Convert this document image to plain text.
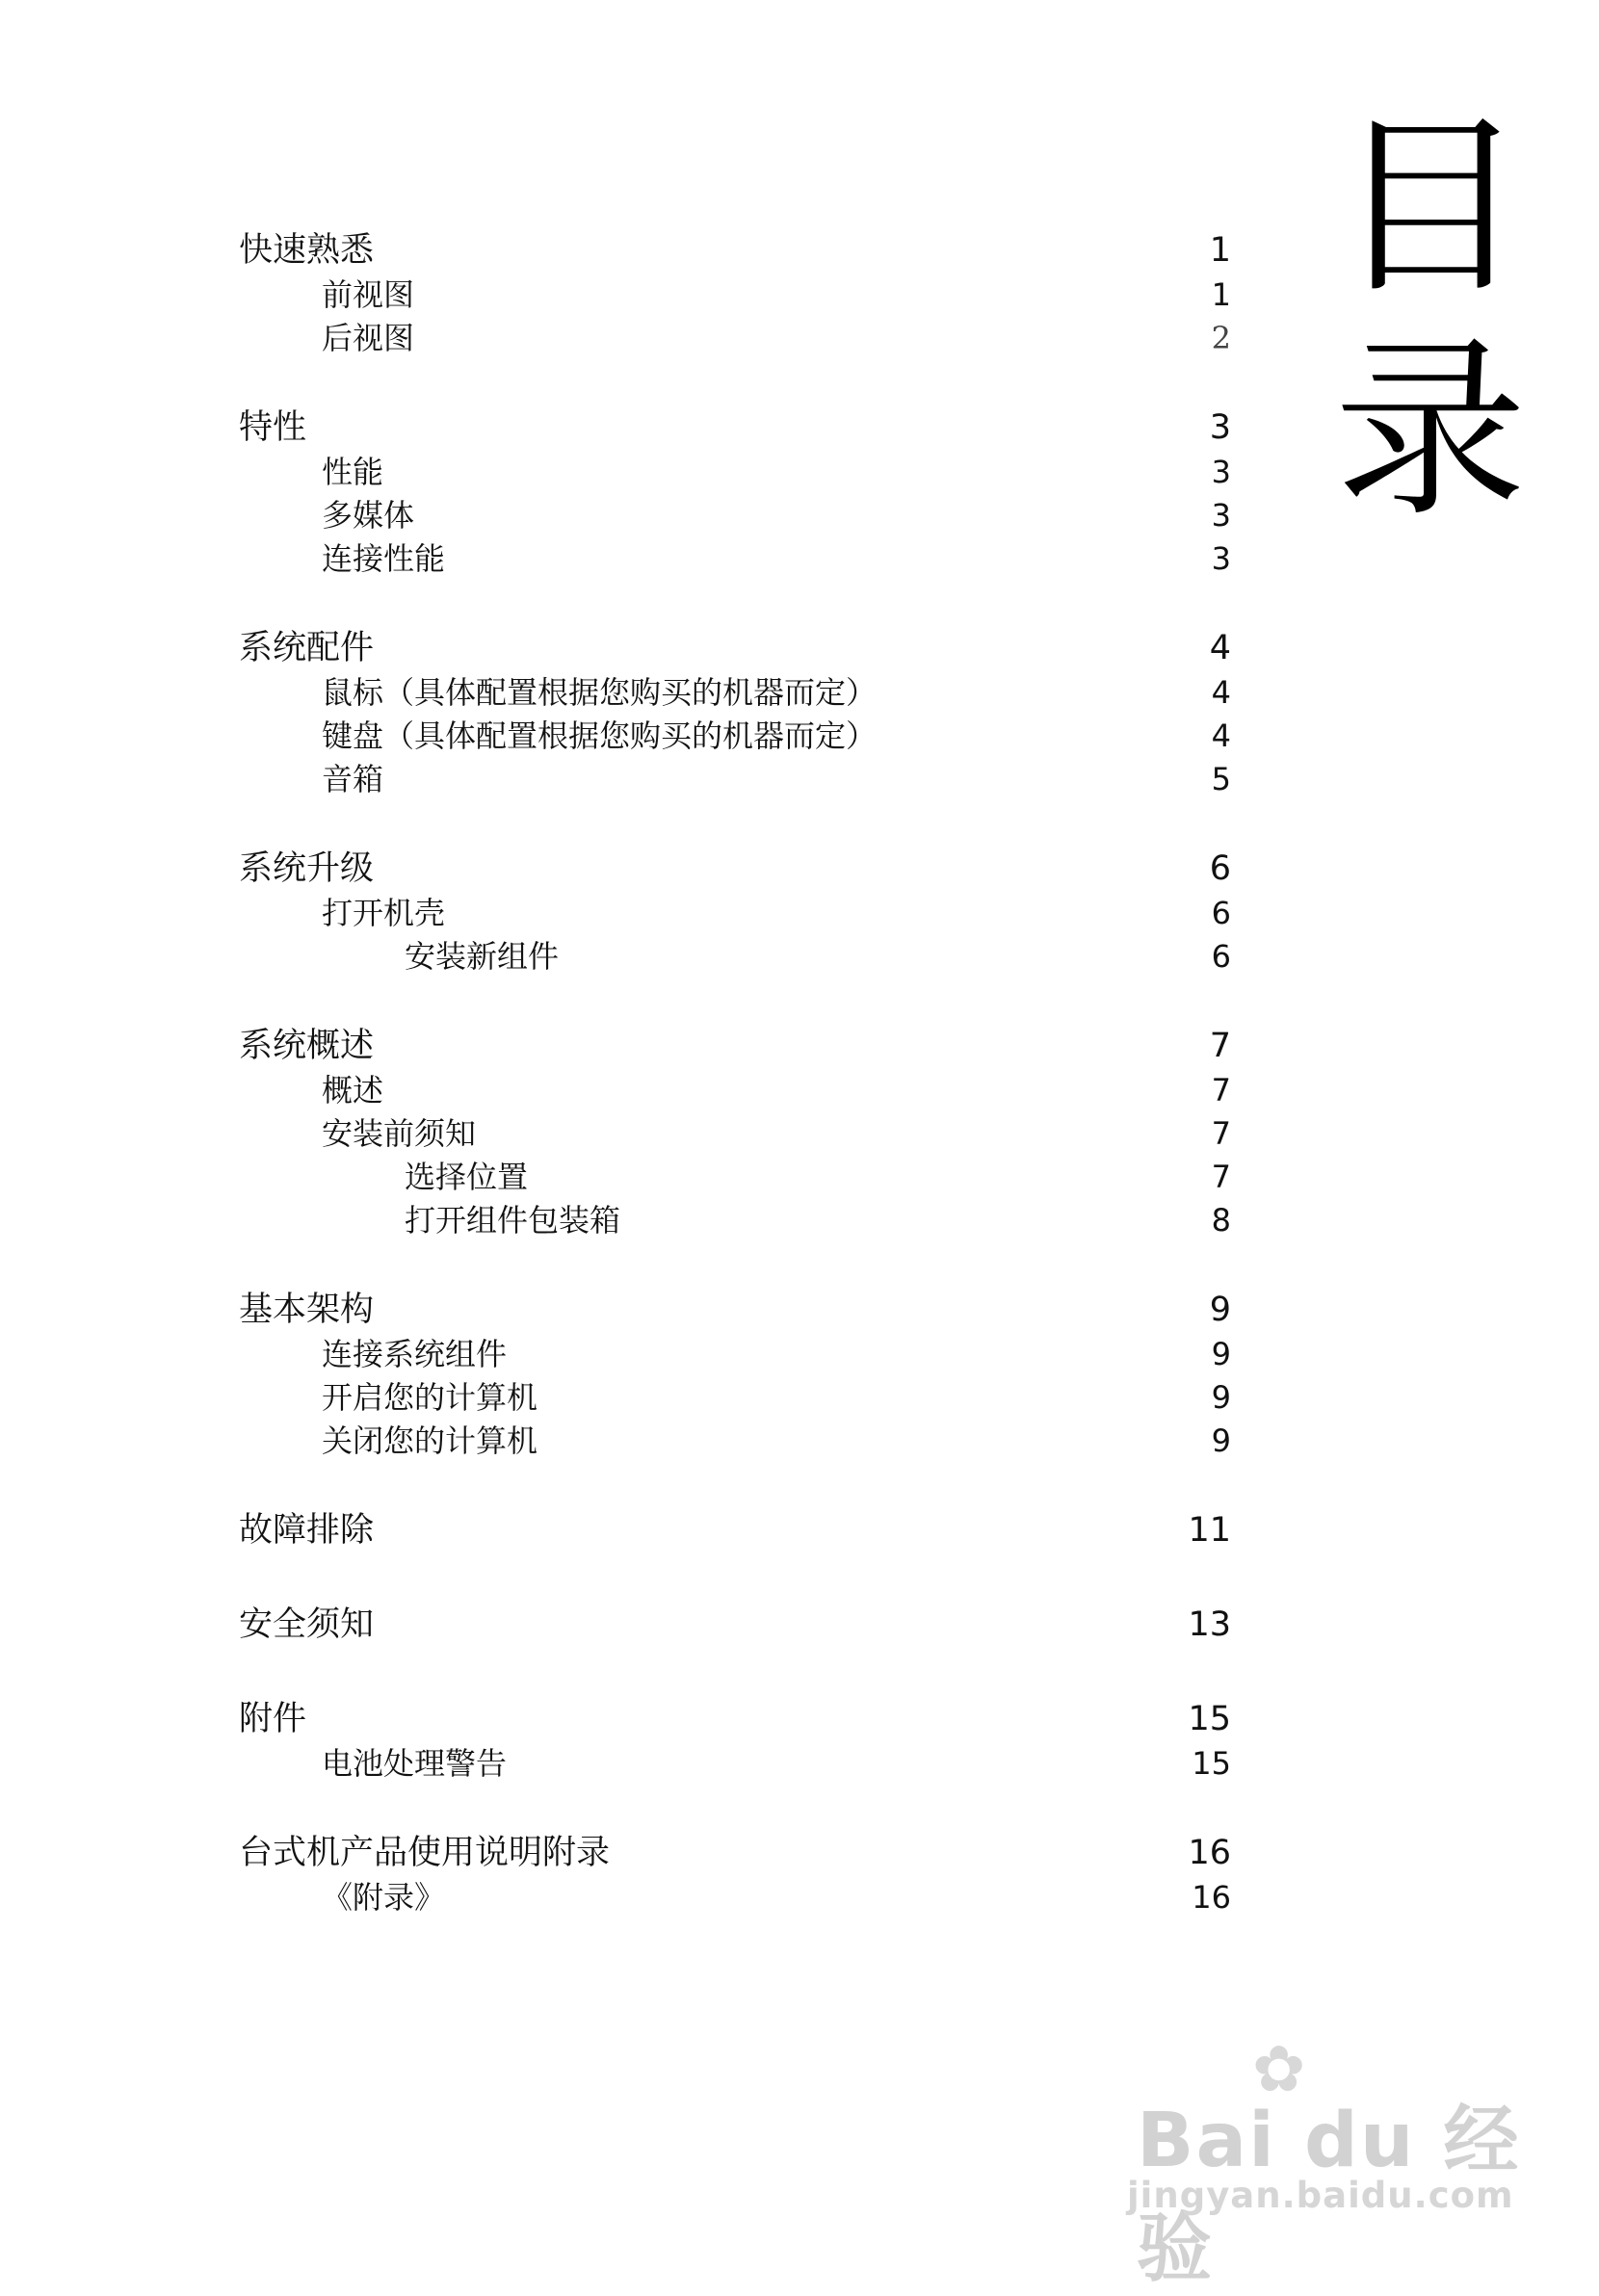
目
录
快速熟悉	1
前视图	1
后视图	2
特性	3
性能	3
多媒体	3
连接性能	3
系统配件	4
鼠标（具体配置根据您购买的机器而定）	4
键盘（具体配置根据您购买的机器而定）	4
音箱	5
系统升级	6
打开机壳	6
安装新组件	6
系统概述	7
概述	7
安装前须知	7
选择位置	7
打开组件包装箱	8
基本架构	9
连接系统组件	9
开启您的计算机	9
关闭您的计算机	9
故障排除	11
安全须知	13
附件	15
电池处理警告	15
台式机产品使用说明附录	16
《附录》	16
✿
Bai du 经验
jingyan.baidu.com
